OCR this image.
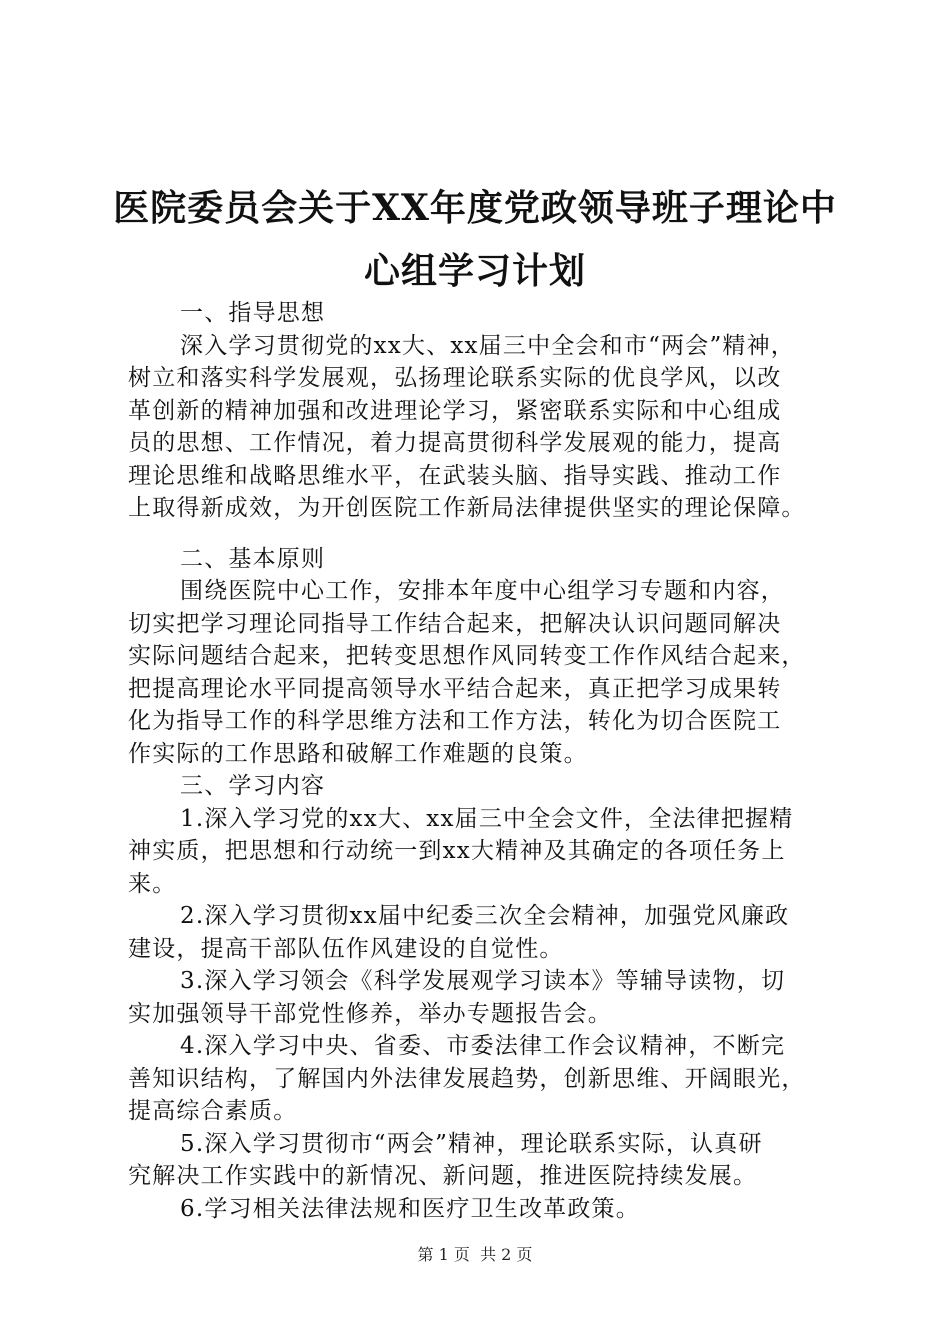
医院委员会关于XX年度党政领导班子理论中
心组学习计划
一、指导思想
深入学习贯彻党的xx大、xx届三中全会和市“两会”精神，
树立和落实科学发展观，弘扬理论联系实际的优良学风，以改
革创新的精神加强和改进理论学习，紧密联系实际和中心组成
员的思想、工作情况，着力提高贯彻科学发展观的能力，提高
理论思维和战略思维水平，在武装头脑、指导实践、推动工作
上取得新成效，为开创医院工作新局法律提供坚实的理论保障。
二、基本原则
围绕医院中心工作，安排本年度中心组学习专题和内容，
切实把学习理论同指导工作结合起来，把解决认识问题同解决
实际问题结合起来，把转变思想作风同转变工作作风结合起来，
把提高理论水平同提高领导水平结合起来，真正把学习成果转
化为指导工作的科学思维方法和工作方法，转化为切合医院工
作实际的工作思路和破解工作难题的良策。
三、学习内容
1.深入学习党的xx大、xx届三中全会文件，全法律把握精
神实质，把思想和行动统一到xx大精神及其确定的各项任务上
来。
2.深入学习贯彻xx届中纪委三次全会精神，加强党风廉政
建设，提高干部队伍作风建设的自觉性。
3.深入学习领会《科学发展观学习读本》等辅导读物，切
实加强领导干部党性修养，举办专题报告会。
4.深入学习中央、省委、市委法律工作会议精神，不断完
善知识结构，了解国内外法律发展趋势，创新思维、开阔眼光，
提高综合素质。
5.深入学习贯彻市“两会”精神，理论联系实际，认真研
究解决工作实践中的新情况、新问题，推进医院持续发展。
6.学习相关法律法规和医疗卫生改革政策。
第 1 页  共 2 页
